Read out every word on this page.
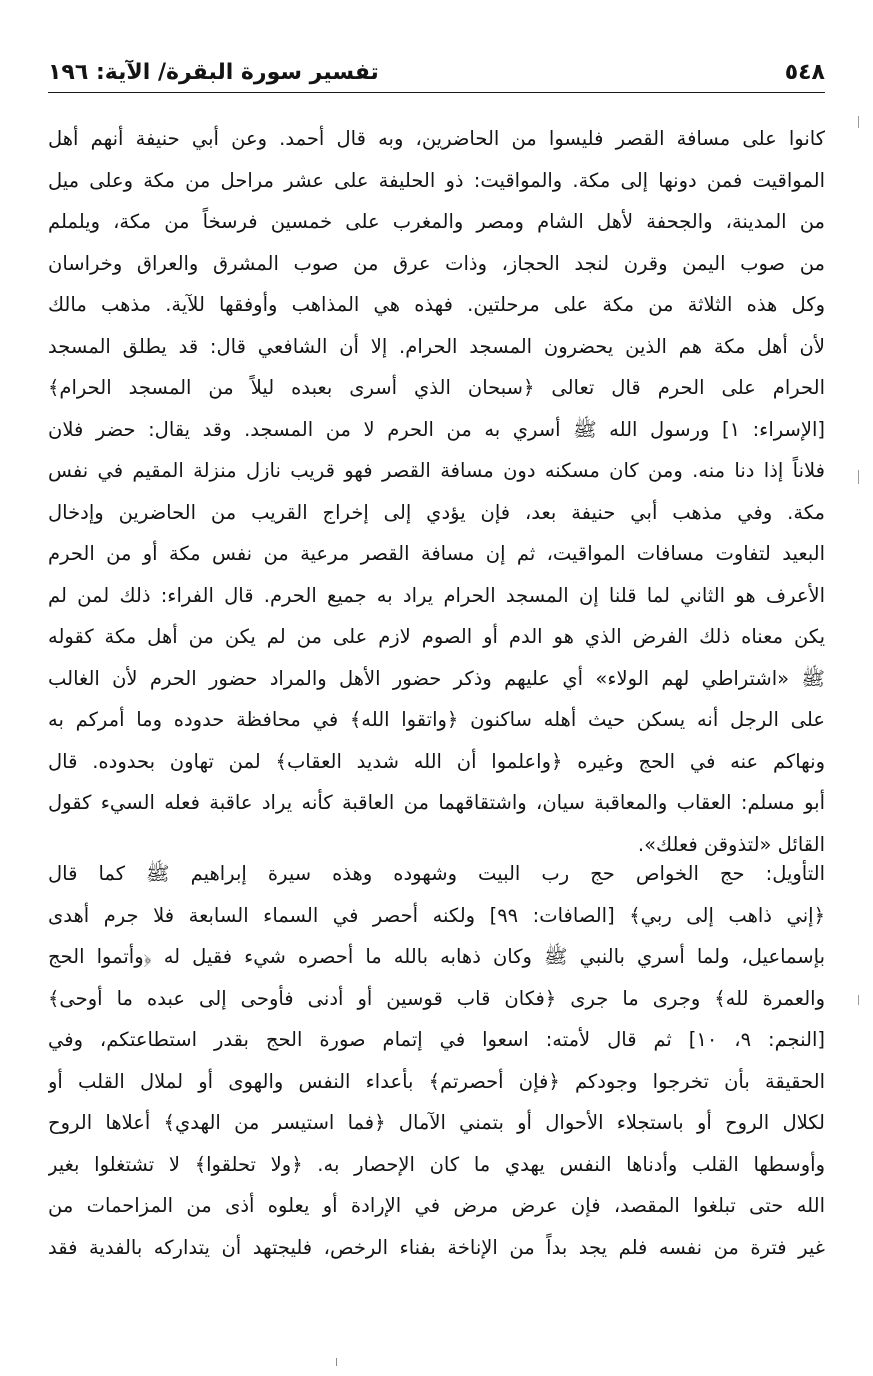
٥٤٨
تفسير سورة البقرة/ الآية: ١٩٦
كانوا على مسافة القصر فليسوا من الحاضرين، وبه قال أحمد. وعن أبي حنيفة أنهم أهل
المواقيت فمن دونها إلى مكة. والمواقيت: ذو الحليفة على عشر مراحل من مكة وعلى ميل
من المدينة، والجحفة لأهل الشام ومصر والمغرب على خمسين فرسخاً من مكة، ويلملم
من صوب اليمن وقرن لنجد الحجاز، وذات عرق من صوب المشرق والعراق وخراسان
وكل هذه الثلاثة من مكة على مرحلتين. فهذه هي المذاهب وأوفقها للآية. مذهب مالك
لأن أهل مكة هم الذين يحضرون المسجد الحرام. إلا أن الشافعي قال: قد يطلق المسجد
الحرام على الحرم قال تعالى ﴿سبحان الذي أسرى بعبده ليلاً من المسجد الحرام﴾
[الإسراء: ١] ورسول الله ﷺ أسري به من الحرم لا من المسجد. وقد يقال: حضر فلان
فلاناً إذا دنا منه. ومن كان مسكنه دون مسافة القصر فهو قريب نازل منزلة المقيم في نفس
مكة. وفي مذهب أبي حنيفة بعد، فإن يؤدي إلى إخراج القريب من الحاضرين وإدخال
البعيد لتفاوت مسافات المواقيت، ثم إن مسافة القصر مرعية من نفس مكة أو من الحرم
الأعرف هو الثاني لما قلنا إن المسجد الحرام يراد به جميع الحرم. قال الفراء: ذلك لمن لم
يكن معناه ذلك الفرض الذي هو الدم أو الصوم لازم على من لم يكن من أهل مكة كقوله
ﷺ «اشتراطي لهم الولاء» أي عليهم وذكر حضور الأهل والمراد حضور الحرم لأن الغالب
على الرجل أنه يسكن حيث أهله ساكنون ﴿واتقوا الله﴾ في محافظة حدوده وما أمركم به
ونهاكم عنه في الحج وغيره ﴿واعلموا أن الله شديد العقاب﴾ لمن تهاون بحدوده. قال
أبو مسلم: العقاب والمعاقبة سيان، واشتقاقهما من العاقبة كأنه يراد عاقبة فعله السيء كقول
القائل «لتذوقن فعلك».
التأويل: حج الخواص حج رب البيت وشهوده وهذه سيرة إبراهيم ﷺ كما قال
﴿إني ذاهب إلى ربي﴾ [الصافات: ٩٩] ولكنه أحصر في السماء السابعة فلا جرم أهدى
بإسماعيل، ولما أسري بالنبي ﷺ وكان ذهابه بالله ما أحصره شيء فقيل له ﴿وأتموا الحج
والعمرة لله﴾ وجرى ما جرى ﴿فكان قاب قوسين أو أدنى فأوحى إلى عبده ما أوحى﴾
[النجم: ٩، ١٠] ثم قال لأمته: اسعوا في إتمام صورة الحج بقدر استطاعتكم، وفي
الحقيقة بأن تخرجوا وجودكم ﴿فإن أحصرتم﴾ بأعداء النفس والهوى أو لملال القلب أو
لكلال الروح أو باستجلاء الأحوال أو بتمني الآمال ﴿فما استيسر من الهدي﴾ أعلاها الروح
وأوسطها القلب وأدناها النفس يهدي ما كان الإحصار به. ﴿ولا تحلقوا﴾ لا تشتغلوا بغير
الله حتى تبلغوا المقصد، فإن عرض مرض في الإرادة أو يعلوه أذى من المزاحمات من
غير فترة من نفسه فلم يجد بداً من الإناخة بفناء الرخص، فليجتهد أن يتداركه بالفدية فقد
